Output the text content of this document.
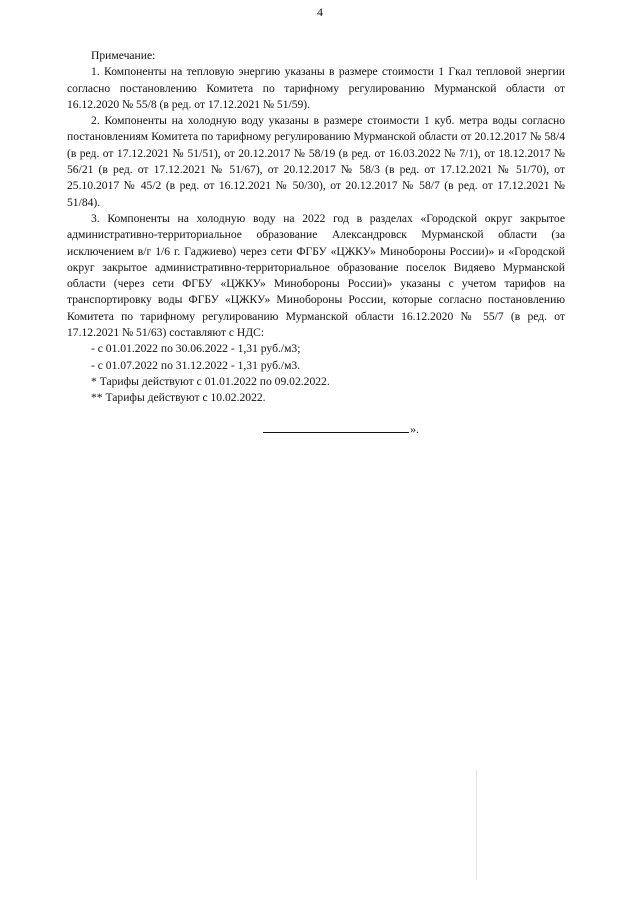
4
Примечание:
1. Компоненты на тепловую энергию указаны в размере стоимости 1 Гкал тепловой энергии согласно постановлению Комитета по тарифному регулированию Мурманской области от 16.12.2020 № 55/8 (в ред. от 17.12.2021 № 51/59).
2. Компоненты на холодную воду указаны в размере стоимости 1 куб. метра воды согласно постановлениям Комитета по тарифному регулированию Мурманской области от 20.12.2017 № 58/4 (в ред. от 17.12.2021 № 51/51), от 20.12.2017 № 58/19 (в ред. от 16.03.2022 № 7/1), от 18.12.2017 № 56/21 (в ред. от 17.12.2021 № 51/67), от 20.12.2017 № 58/3 (в ред. от 17.12.2021 № 51/70), от 25.10.2017 № 45/2 (в ред. от 16.12.2021 № 50/30), от 20.12.2017 № 58/7 (в ред. от 17.12.2021 № 51/84).
3. Компоненты на холодную воду на 2022 год в разделах «Городской округ закрытое административно-территориальное образование Александровск Мурманской области (за исключением в/г 1/6 г. Гаджиево) через сети ФГБУ «ЦЖКУ» Минобороны России)» и «Городской округ закрытое административно-территориальное образование поселок Видяево Мурманской области (через сети ФГБУ «ЦЖКУ» Минобороны России)» указаны с учетом тарифов на транспортировку воды ФГБУ «ЦЖКУ» Минобороны России, которые согласно постановлению Комитета по тарифному регулированию Мурманской области 16.12.2020 № 55/7 (в ред. от 17.12.2021 № 51/63) составляют с НДС:
- с 01.01.2022 по 30.06.2022 - 1,31 руб./м3;
- с 01.07.2022 по 31.12.2022 - 1,31 руб./м3.
* Тарифы действуют с 01.01.2022 по 09.02.2022.
** Тарифы действуют с 10.02.2022.
».
